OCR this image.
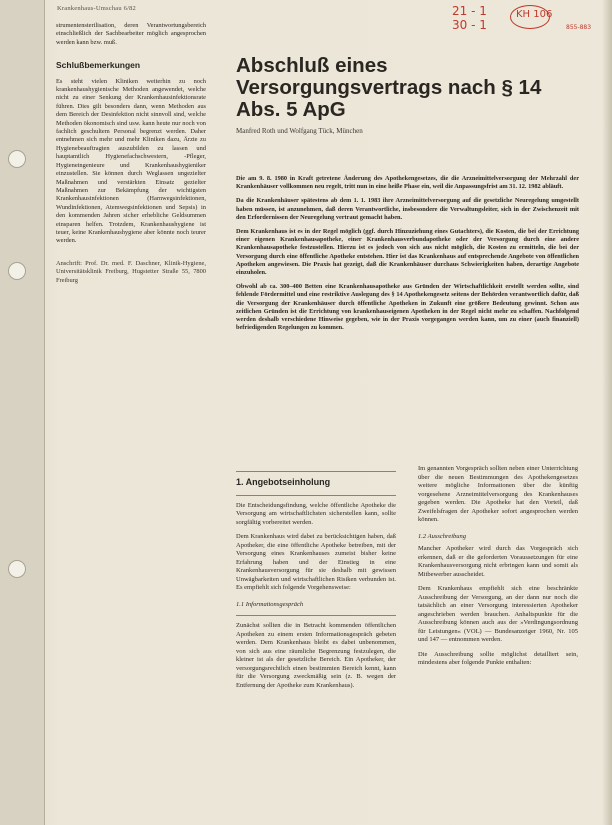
Krankenhaus-Umschau 6/82	21 - 1
30 - 1
KH 106
855-883

strumentensterilisation, deren Verantwortungsbereich einschließlich der Sachbearbeiter möglich angesprochen werden kann bzw. muß.

Schlußbemerkungen

Es steht vielen Kliniken weiterhin zu noch krankenhaushygienische Methoden angewendet, welche nicht zu einer Senkung der Krankenhausinfektionsrate führen. Dies gilt besonders dann, wenn Methoden aus dem Bereich der Desinfektion nicht sinnvoll sind, welche Methoden ökonomisch sind usw. kann heute nur noch von fachlich geschultem Personal begrenzt werden. Daher entnehmen sich mehr und mehr Kliniken dazu, Ärzte zu Hygienebeauftragten auszubilden zu lassen und hauptamtlich Hygienefachschwestern, -Pfleger, Hygieneingenieure und Krankenhaushygieniker einzustellen. Sie können durch Weglassen ungezielter Maßnahmen und verstärkten Einsatz gezielter Maßnahmen zur Bekämpfung der wichtigsten Krankenhausinfektionen (Harnwegsinfektionen, Wundinfektionen, Atemwegsinfektionen und Sepsis) in den kommenden Jahren sicher erhebliche Geldsummen einsparen helfen. Trotzdem, Krankenhaushygiene ist teuer, keine Krankenhaushygiene aber könnte noch teurer werden.

Anschrift: Prof. Dr. med. F. Daschner, Klinik-Hygiene, Universitätsklinik Freiburg, Hugstetter Straße 55, 7800 Freiburg

Abschluß eines Versorgungsvertrags nach § 14 Abs. 5 ApG
Manfred Roth und Wolfgang Tück, München

Die am 9. 8. 1980 in Kraft getretene Änderung des Apothekengesetzes, die die Arzneimittelversorgung der Mehrzahl der Krankenhäuser vollkommen neu regelt, tritt nun in eine heiße Phase ein, weil die Anpassungsfrist am 31. 12. 1982 abläuft.

Da die Krankenhäuser spätestens ab dem 1. 1. 1983 ihre Arzneimittelversorgung auf die gesetzliche Neuregelung umgestellt haben müssen, ist anzunehmen, daß deren Verantwortliche, insbesondere die Verwaltungsleiter, sich in der Zwischenzeit mit den Erfordernissen der Neuregelung vertraut gemacht haben.

Dem Krankenhaus ist es in der Regel möglich (ggf. durch Hinzuziehung eines Gutachters), die Kosten, die bei der Errichtung einer eigenen Krankenhausapotheke, einer Krankenhausverbundapotheke oder der Versorgung durch eine andere Krankenhausapotheke festzustellen. Hierzu ist es jedoch von sich aus nicht möglich, die Kosten zu ermitteln, die bei der Versorgung durch eine öffentliche Apotheke entstehen. Hier ist das Krankenhaus auf entsprechende Angebote von öffentlichen Apotheken angewiesen. Die Praxis hat gezeigt, daß die Krankenhäuser durchaus Schwierigkeiten haben, derartige Angebote einzuholen.

Obwohl ab ca. 300–400 Betten eine Krankenhausapotheke aus Gründen der Wirtschaftlichkeit erstellt werden sollte, sind fehlende Fördermittel und eine restriktive Auslegung des § 14 Apothekengesetz seitens der Behörden verantwortlich dafür, daß die Versorgung der Krankenhäuser durch öffentliche Apotheken in Zukunft eine größere Bedeutung gewinnt. Schon aus zeitlichen Gründen ist die Errichtung von krankenhauseigenen Apotheken in der Regel nicht mehr zu schaffen. Nachfolgend werden deshalb verschiedene Hinweise gegeben, wie in der Praxis vorgegangen werden kann, um zu einer (auch finanziell) befriedigenden Regelungen zu kommen.

1. Angebotseinholung

Die Entscheidungsfindung, welche öffentliche Apotheke die Versorgung am wirtschaftlichsten sicherstellen kann, sollte sorgfältig vorbereitet werden.

Dem Krankenhaus wird dabei zu berücksichtigen haben, daß Apotheker, die eine öffentliche Apotheke betreiben, mit der Versorgung eines Krankenhauses zumeist bisher keine Erfahrung haben und der Einstieg in eine Krankenhausversorgung für sie deshalb mit gewissen Unwägbarkeiten und wirtschaftlichen Risiken verbunden ist. Es empfiehlt sich folgende Vorgehensweise:

1.1 Informationsgespräch

Zunächst sollten die in Betracht kommenden öffentlichen Apotheken zu einem ersten Informationsgespräch gebeten werden. Dem Krankenhaus bleibt es dabei unbenommen, von sich aus eine räumliche Begrenzung festzulegen, die kleiner ist als der gesetzliche Bereich. Ein Apotheker, der versorgungsrechtlich einen bestimmten Bereich kennt, kann für die Versorgung zweckmäßig sein (z. B. wegen der Entfernung der Apotheke zum Krankenhaus).

Im genannten Vorgespräch sollten neben einer Unterrichtung über die neuen Bestimmungen des Apothekengesetzes weitere mögliche Informationen über die künftig vorgesehene Arzneimittelversorgung des Krankenhauses gegeben werden. Die Apotheke hat den Vorteil, daß Zweifelsfragen der Apotheker sofort angesprochen werden können.

1.2 Ausschreibung

Mancher Apotheker wird durch das Vorgespräch sich erkennen, daß er die geforderten Voraussetzungen für eine Krankenhausversorgung nicht erbringen kann und somit als Mitbewerber ausscheidet.

Dem Krankenhaus empfiehlt sich eine beschränkte Ausschreibung der Versorgung, an der dann nur noch die tatsächlich an einer Versorgung interessierten Apotheker angeschrieben werden brauchen. Anhaltspunkte für die Ausschreibung können auch aus der »Verdingungsordnung für Leistungen« (VOL) — Bundesanzeiger 1960, Nr. 105 und 147 — entnommen werden.

Die Ausschreibung sollte möglichst detailliert sein, mindestens aber folgende Punkte enthalten:
